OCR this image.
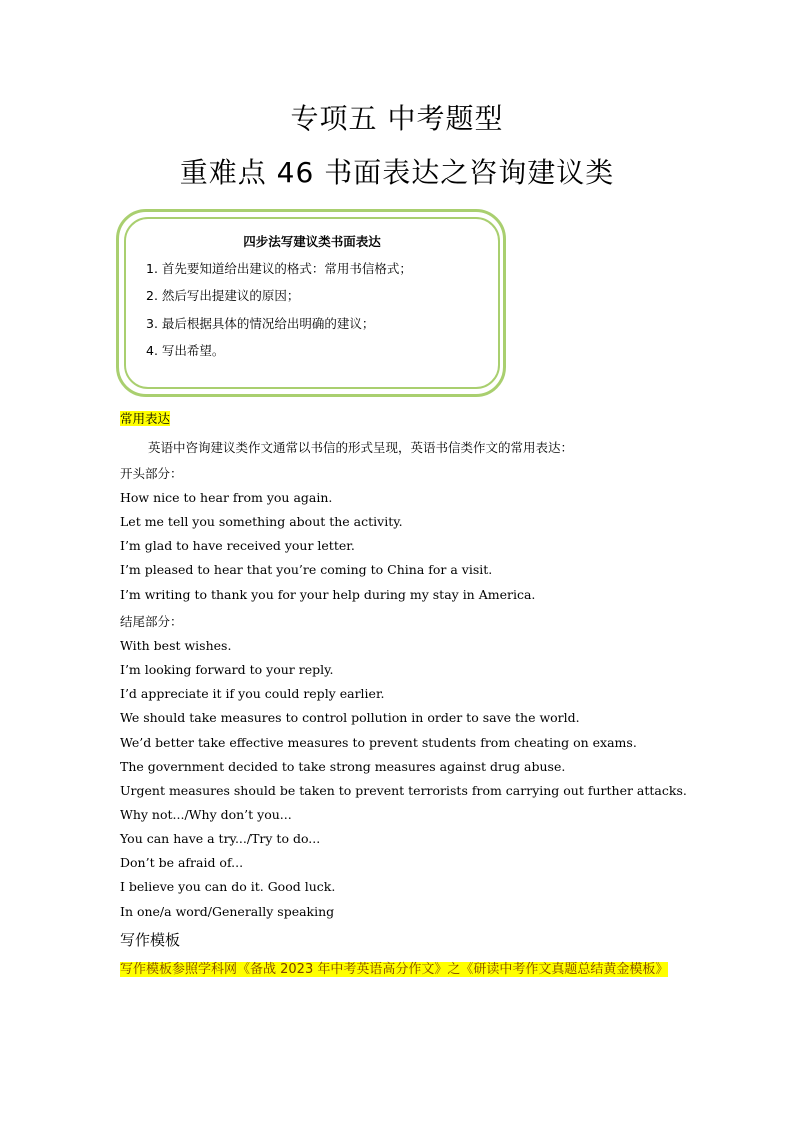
专项五 中考题型
重难点 46 书面表达之咨询建议类
四步法写建议类书面表达
1. 首先要知道给出建议的格式：常用书信格式；
2. 然后写出提建议的原因；
3. 最后根据具体的情况给出明确的建议；
4. 写出希望。
常用表达
英语中咨询建议类作文通常以书信的形式呈现，英语书信类作文的常用表达：
开头部分：
How nice to hear from you again.
Let me tell you something about the activity.
I’m glad to have received your letter.
I’m pleased to hear that you’re coming to China for a visit.
I’m writing to thank you for your help during my stay in America.
结尾部分：
With best wishes.
I’m looking forward to your reply.
I’d appreciate it if you could reply earlier.
We should take measures to control pollution in order to save the world.
We’d better take effective measures to prevent students from cheating on exams.
The government decided to take strong measures against drug abuse.
Urgent measures should be taken to prevent terrorists from carrying out further attacks.
Why not.../Why don’t you...
You can have a try.../Try to do...
Don’t be afraid of...
I believe you can do it. Good luck.
In one/a word/Generally speaking
写作模板
写作模板参照学科网《备战 2023 年中考英语高分作文》之《研读中考作文真题总结黄金模板》
